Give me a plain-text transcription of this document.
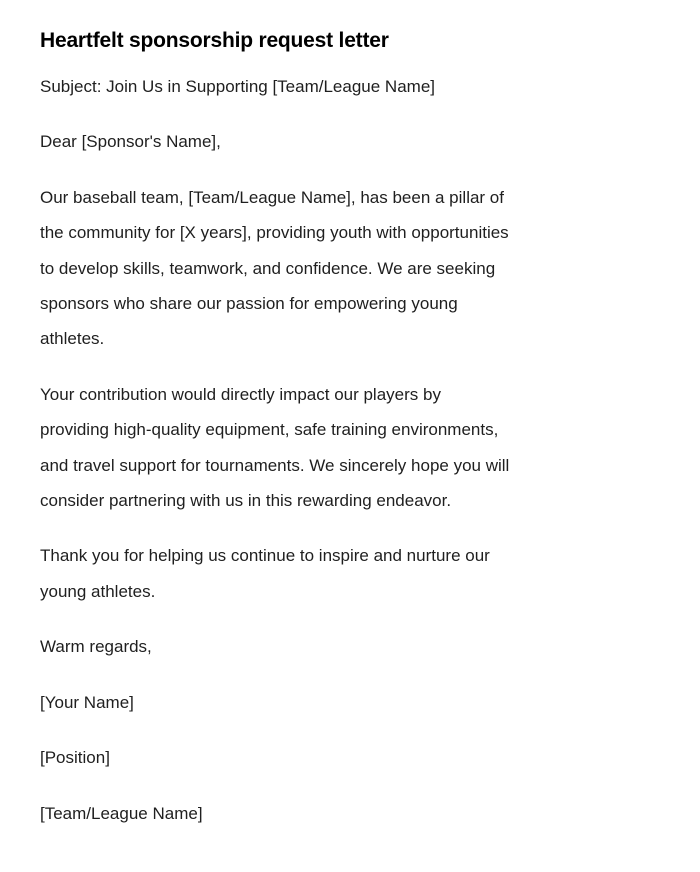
Heartfelt sponsorship request letter

Subject: Join Us in Supporting [Team/League Name]

Dear [Sponsor's Name],

Our baseball team, [Team/League Name], has been a pillar of
the community for [X years], providing youth with opportunities
to develop skills, teamwork, and confidence. We are seeking
sponsors who share our passion for empowering young
athletes.

Your contribution would directly impact our players by
providing high-quality equipment, safe training environments,
and travel support for tournaments. We sincerely hope you will
consider partnering with us in this rewarding endeavor.

Thank you for helping us continue to inspire and nurture our
young athletes.

Warm regards,

[Your Name]

[Position]

[Team/League Name]
